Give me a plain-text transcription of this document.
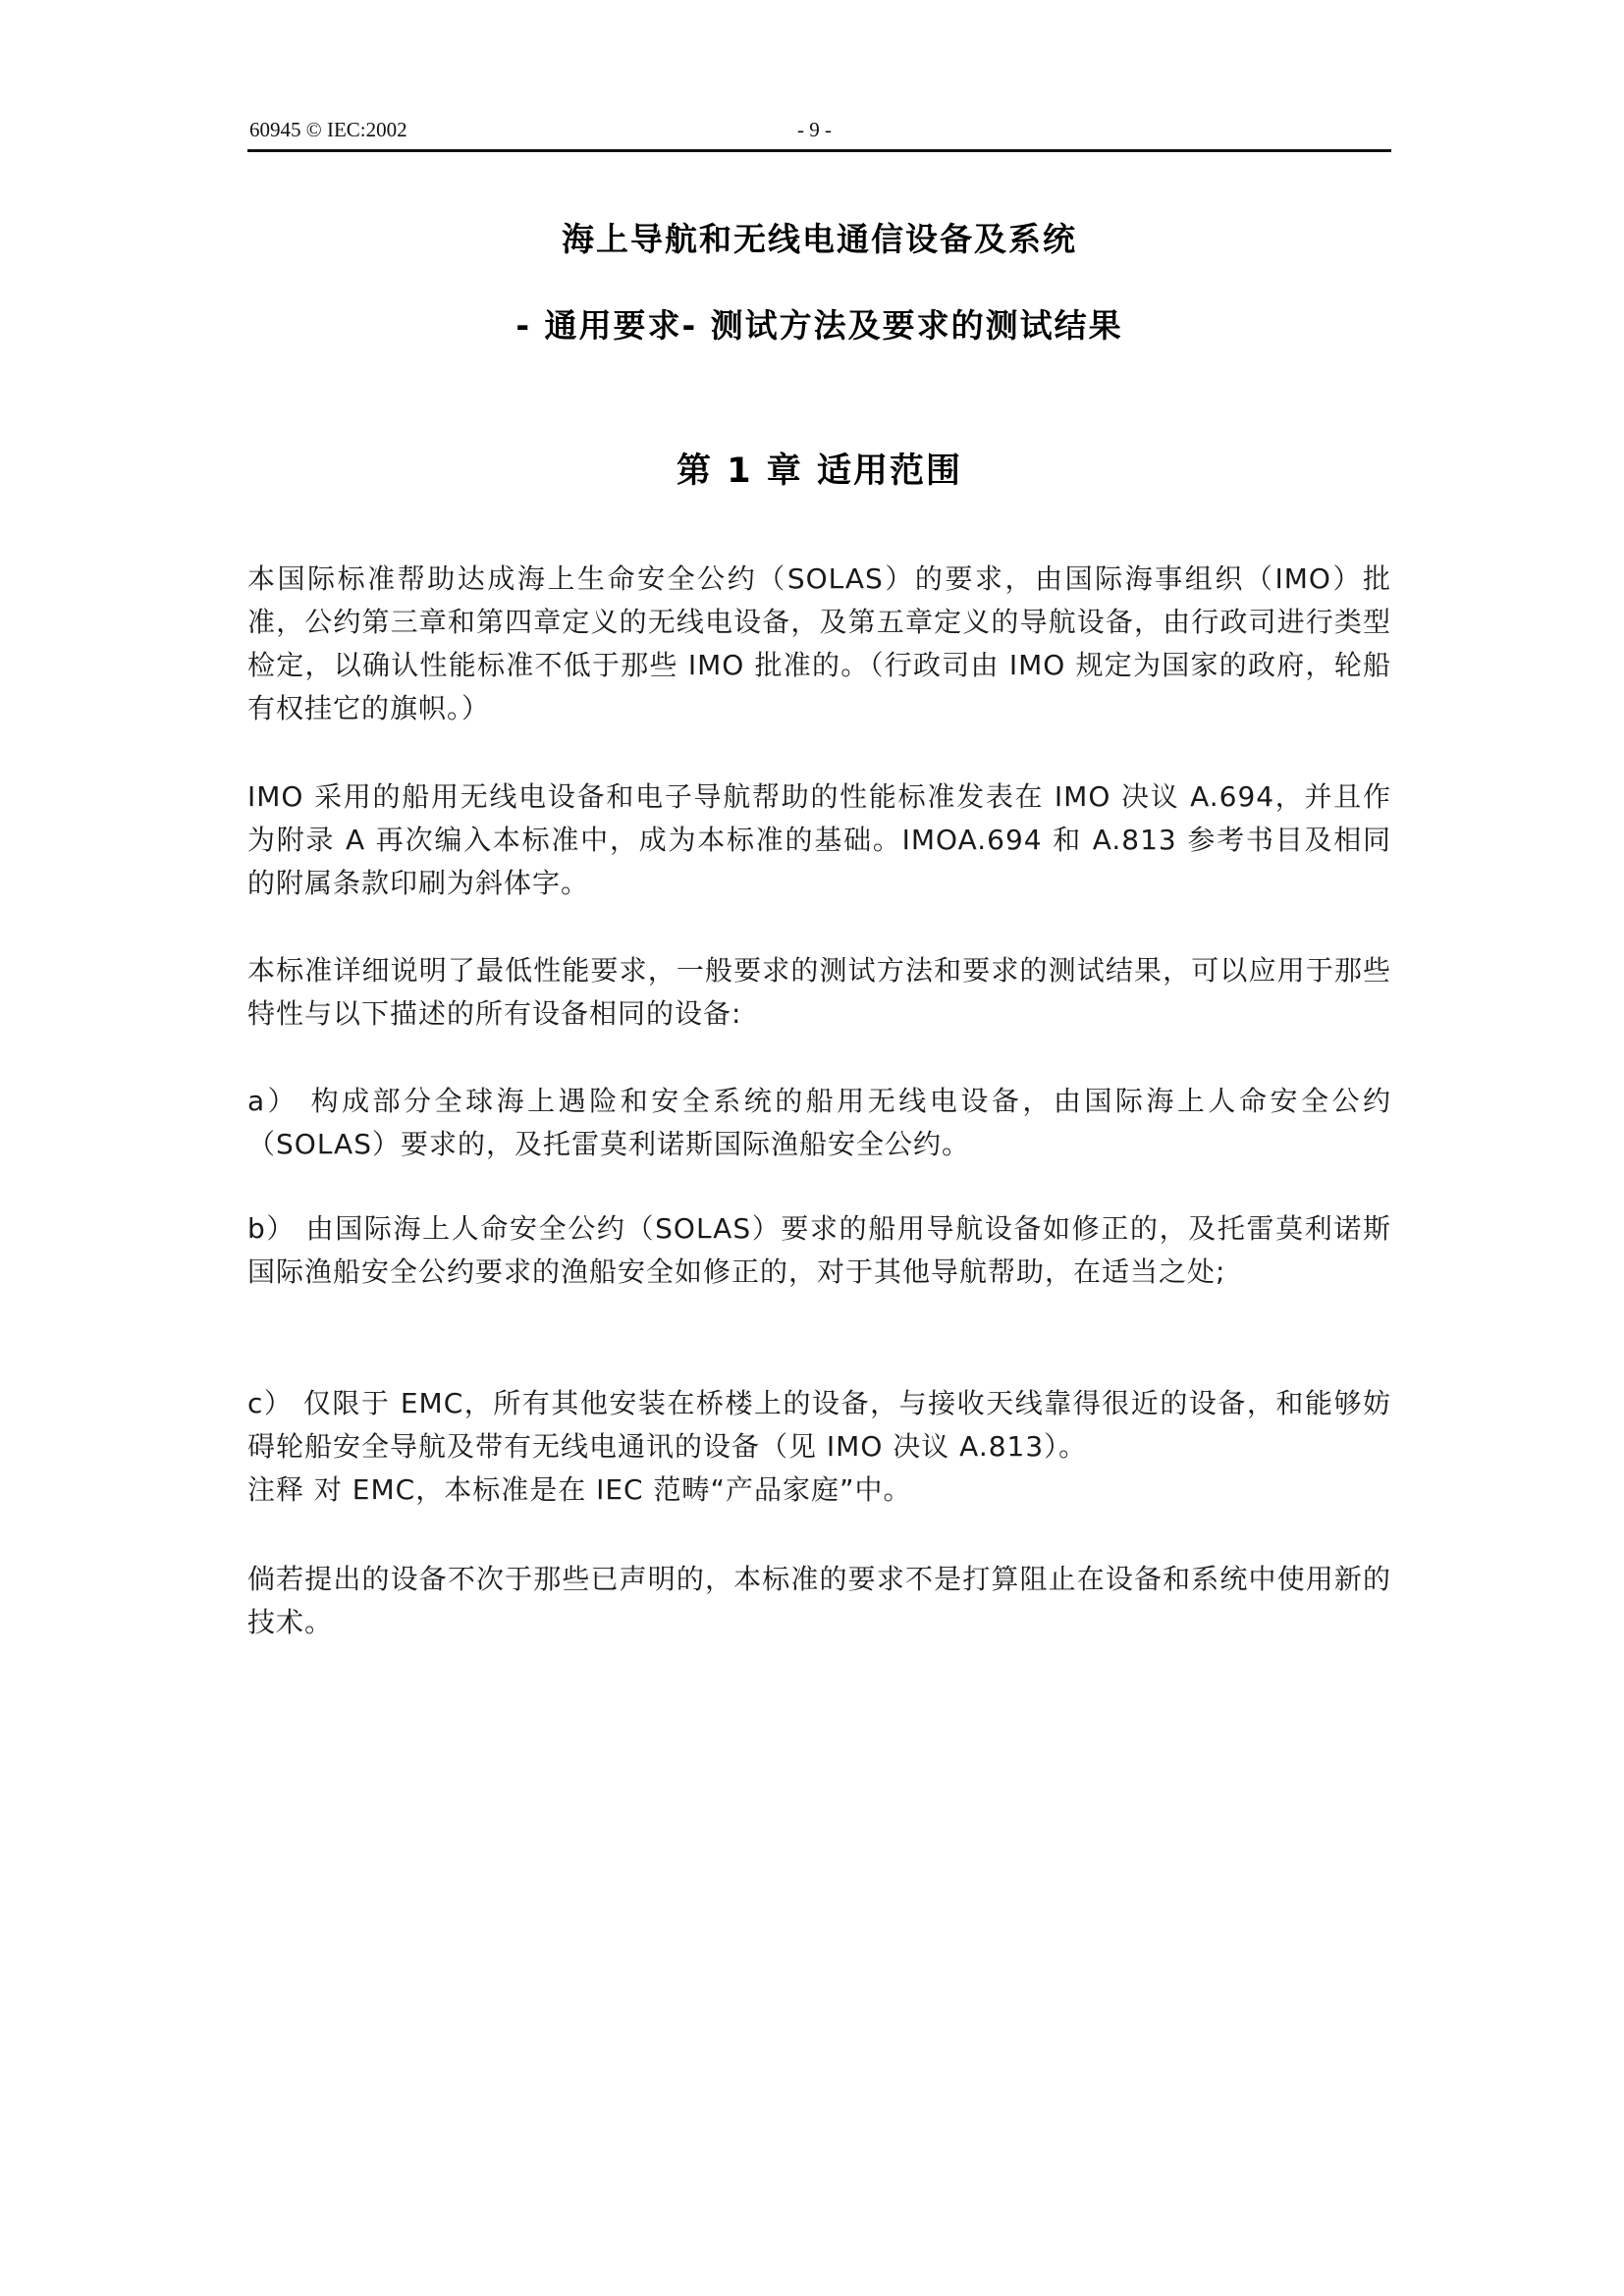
60945 © IEC:2002	- 9 -
海上导航和无线电通信设备及系统
- 通用要求- 测试方法及要求的测试结果
第 1 章 适用范围
本国际标准帮助达成海上生命安全公约（SOLAS）的要求，由国际海事组织（IMO）批准，公约第三章和第四章定义的无线电设备，及第五章定义的导航设备，由行政司进行类型检定，以确认性能标准不低于那些 IMO 批准的。（行政司由 IMO 规定为国家的政府，轮船有权挂它的旗帜。）
IMO 采用的船用无线电设备和电子导航帮助的性能标准发表在 IMO 决议 A.694，并且作为附录 A 再次编入本标准中，成为本标准的基础。IMOA.694 和 A.813 参考书目及相同的附属条款印刷为斜体字。
本标准详细说明了最低性能要求，一般要求的测试方法和要求的测试结果，可以应用于那些特性与以下描述的所有设备相同的设备:
a） 构成部分全球海上遇险和安全系统的船用无线电设备，由国际海上人命安全公约（SOLAS）要求的，及托雷莫利诺斯国际渔船安全公约。
b） 由国际海上人命安全公约（SOLAS）要求的船用导航设备如修正的，及托雷莫利诺斯国际渔船安全公约要求的渔船安全如修正的，对于其他导航帮助，在适当之处;
c） 仅限于 EMC，所有其他安装在桥楼上的设备，与接收天线靠得很近的设备，和能够妨碍轮船安全导航及带有无线电通讯的设备（见 IMO 决议 A.813）。
注释 对 EMC，本标准是在 IEC 范畴“产品家庭”中。
倘若提出的设备不次于那些已声明的，本标准的要求不是打算阻止在设备和系统中使用新的技术。
